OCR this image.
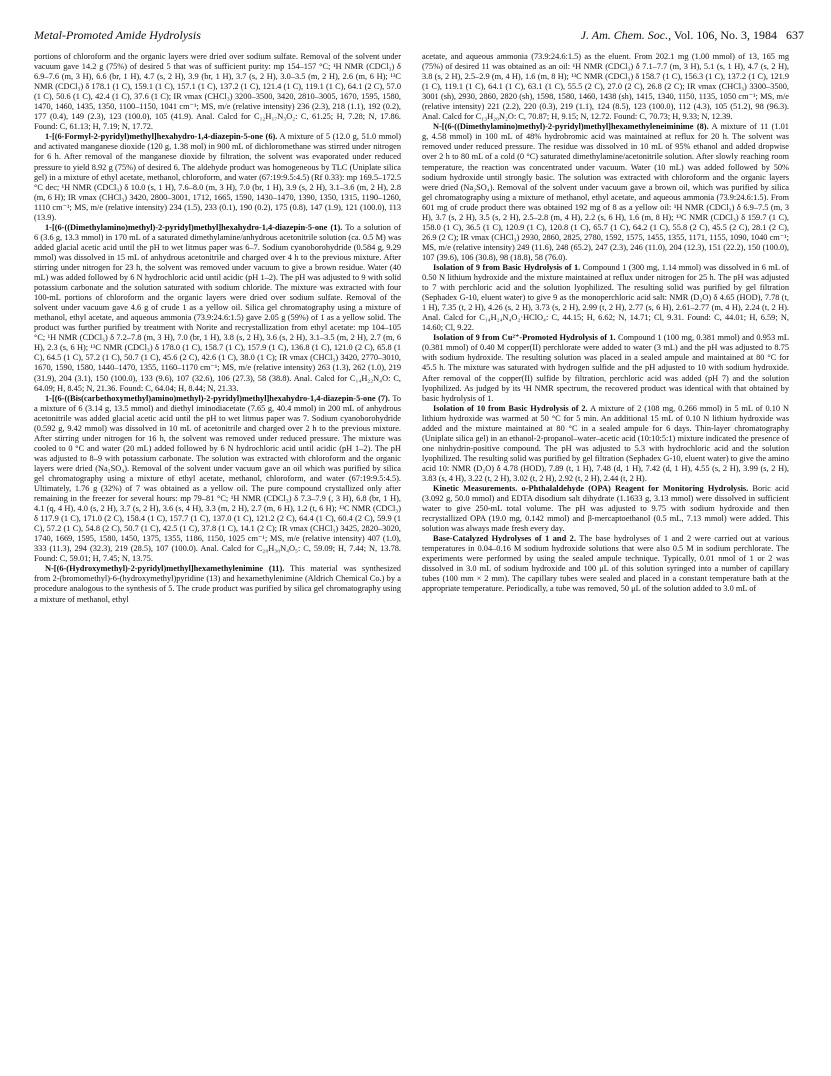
Metal-Promoted Amide Hydrolysis	J. Am. Chem. Soc., Vol. 106, No. 3, 1984 637

portions of chloroform and the organic layers were dried over sodium sulfate. Removal of the solvent under vacuum gave 14.2 g (75%) of desired 5 that was of sufficient purity: mp 154–157 °C; ¹H NMR (CDCl₃) δ 6.9–7.6 (m, 3 H), 6.6 (br, 1 H), 4.7 (s, 2 H), 3.9 (br, 1 H), 3.7 (s, 2 H), 3.0–3.5 (m, 2 H), 2.6 (m, 6 H); ¹³C NMR (CDCl₃) δ 178.1 (1 C), 159.1 (1 C), 157.1 (1 C), 137.2 (1 C), 121.4 (1 C), 119.1 (1 C), 64.1 (2 C), 57.0 (1 C), 50.6 (1 C), 42.4 (1 C), 37.6 (1 C); IR νmax (CHCl₃) 3200–3500, 3420, 2810–3005, 1670, 1595, 1580, 1470, 1460, 1435, 1350, 1100–1150, 1041 cm⁻¹; MS, m/e (relative intensity) 236 (2.3), 218 (1.1), 192 (0.2), 177 (0.4), 149 (2.3), 123 (100.0), 105 (41.9). Anal. Calcd for C₁₂H₁₇N₃O₂: C, 61.25; H, 7.28; N, 17.86. Found: C, 61.13; H, 7.19; N, 17.72.

1-[(6-Formyl-2-pyridyl)methyl]hexahydro-1,4-diazepin-5-one (6). A mixture of 5 (12.0 g, 51.0 mmol) and activated manganese dioxide (120 g, 1.38 mol) in 900 mL of dichloromethane was stirred under nitrogen for 6 h. After removal of the manganese dioxide by filtration, the solvent was evaporated under reduced pressure to yield 8.92 g (75%) of desired 6. The aldehyde product was homogeneous by TLC (Uniplate silica gel) in a mixture of ethyl acetate, methanol, chloroform, and water (67:19:9.5:4.5) (Rf 0.33): mp 169.5–172.5 °C dec; ¹H NMR (CDCl₃) δ 10.0 (s, 1 H), 7.6–8.0 (m, 3 H), 7.0 (br, 1 H), 3.9 (s, 2 H), 3.1–3.6 (m, 2 H), 2.8 (m, 6 H); IR νmax (CHCl₃) 3420, 2800–3001, 1712, 1665, 1590, 1430–1470, 1390, 1350, 1315, 1190–1260, 1110 cm⁻¹; MS, m/e (relative intensity) 234 (1.5), 233 (0.1), 190 (0.2), 175 (0.8), 147 (1.9), 121 (100.0), 113 (13.9).

1-[(6-((Dimethylamino)methyl)-2-pyridyl)methyl]hexahydro-1,4-diazepin-5-one (1). To a solution of 6 (3.6 g, 13.3 mmol) in 170 mL of a saturated dimethylamine/anhydrous acetonitrile solution (ca. 0.5 M) was added glacial acetic acid until the pH to wet litmus paper was 6–7. Sodium cyanoborohydride (0.584 g, 9.29 mmol) was dissolved in 15 mL of anhydrous acetonitrile and charged over 4 h to the previous mixture. After stirring under nitrogen for 23 h, the solvent was removed under vacuum to give a brown residue. Water (40 mL) was added followed by 6 N hydrochloric acid until acidic (pH 1–2). The pH was adjusted to 9 with solid potassium carbonate and the solution saturated with sodium chloride. The mixture was extracted with four 100-mL portions of chloroform and the organic layers were dried over sodium sulfate. Removal of the solvent under vacuum gave 4.6 g of crude 1 as a yellow oil. Silica gel chromatography using a mixture of methanol, ethyl acetate, and aqueous ammonia (73.9:24.6:1.5) gave 2.05 g (59%) of 1 as a yellow solid. The product was further purified by treatment with Norite and recrystallization from ethyl acetate: mp 104–105 °C; ¹H NMR (CDCl₃) δ 7.2–7.8 (m, 3 H), 7.0 (br, 1 H), 3.8 (s, 2 H), 3.6 (s, 2 H), 3.1–3.5 (m, 2 H), 2.7 (m, 6 H), 2.3 (s, 6 H); ¹³C NMR (CDCl₃) δ 178.0 (1 C), 158.7 (1 C), 157.9 (1 C), 136.8 (1 C), 121.0 (2 C), 65.8 (1 C), 64.5 (1 C), 57.2 (1 C), 50.7 (1 C), 45.6 (2 C), 42.6 (1 C), 38.0 (1 C); IR νmax (CHCl₃) 3420, 2770–3010, 1670, 1590, 1580, 1440–1470, 1355, 1160–1170 cm⁻¹; MS, m/e (relative intensity) 263 (1.3), 262 (1.0), 219 (31.9), 204 (3.1), 150 (100.0), 133 (9.6), 107 (32.6), 106 (27.3), 58 (38.8). Anal. Calcd for C₁₄H₂₂N₄O: C, 64.09; H, 8.45; N, 21.36. Found: C, 64.04; H, 8.44; N, 21.33.

1-[(6-((Bis(carbethoxymethyl)amino)methyl)-2-pyridyl)methyl]hexahydro-1,4-diazepin-5-one (7). To a mixture of 6 (3.14 g, 13.5 mmol) and diethyl iminodiacetate (7.65 g, 40.4 mmol) in 200 mL of anhydrous acetonitrile was added glacial acetic acid until the pH to wet litmus paper was 7. Sodium cyanoborohydride (0.592 g, 9.42 mmol) was dissolved in 10 mL of acetonitrile and charged over 2 h to the previous mixture. After stirring under nitrogen for 16 h, the solvent was removed under reduced pressure. The mixture was cooled to 0 °C and water (20 mL) added followed by 6 N hydrochloric acid until acidic (pH 1–2). The pH was adjusted to 8–9 with potassium carbonate. The solution was extracted with chloroform and the organic layers were dried (Na₂SO₄). Removal of the solvent under vacuum gave an oil which was purified by silica gel chromatography using a mixture of ethyl acetate, methanol, chloroform, and water (67:19:9.5:4.5). Ultimately, 1.76 g (32%) of 7 was obtained as a yellow oil. The pure compound crystallized only after remaining in the freezer for several hours: mp 79–81 °C; ¹H NMR (CDCl₃) δ 7.3–7.9 (, 3 H), 6.8 (br, 1 H), 4.1 (q, 4 H), 4.0 (s, 2 H), 3.7 (s, 2 H), 3.6 (s, 4 H), 3.3 (m, 2 H), 2.7 (m, 6 H), 1.2 (t, 6 H); ¹³C NMR (CDCl₃) δ 117.9 (1 C), 171.0 (2 C), 158.4 (1 C), 157.7 (1 C), 137.0 (1 C), 121.2 (2 C), 64.4 (1 C), 60.4 (2 C), 59.9 (1 C), 57.2 (1 C), 54.8 (2 C), 50.7 (1 C), 42.5 (1 C), 37.8 (1 C), 14.1 (2 C); IR νmax (CHCl₃) 3425, 2820–3020, 1740, 1669, 1595, 1580, 1450, 1375, 1355, 1186, 1150, 1025 cm⁻¹; MS, m/e (relative intensity) 407 (1.0), 333 (11.3), 294 (32.3), 219 (28.5), 107 (100.0). Anal. Calcd for C₂₀H₃₀N₄O₅: C, 59.09; H, 7.44; N, 13.78. Found: C, 59.01; H, 7.45; N, 13.75.

N-[(6-(Hydroxymethyl)-2-pyridyl)methyl]hexamethylenimine (11). This material was synthesized from 2-(bromomethyl)-6-(hydroxymethyl)pyridine (13) and hexamethylenimine (Aldrich Chemical Co.) by a procedure analogous to the synthesis of 5. The crude product was purified by silica gel chromatography using a mixture of methanol, ethyl

acetate, and aqueous ammonia (73.9:24.6:1.5) as the eluent. From 202.1 mg (1.00 mmol) of 13, 165 mg (75%) of desired 11 was obtained as an oil: ¹H NMR (CDCl₃) δ 7.1–7.7 (m, 3 H), 5.1 (s, 1 H), 4.7 (s, 2 H), 3.8 (s, 2 H), 2.5–2.9 (m, 4 H), 1.6 (m, 8 H); ¹³C NMR (CDCl₃) δ 158.7 (1 C), 156.3 (1 C), 137.2 (1 C), 121.9 (1 C), 119.1 (1 C), 64.1 (1 C), 63.1 (1 C), 55.5 (2 C), 27.0 (2 C), 26.8 (2 C); IR νmax (CHCl₃) 3300–3500, 3001 (sh), 2930, 2860, 2820 (sh), 1598, 1580, 1460, 1438 (sh), 1415, 1340, 1150, 1135, 1050 cm⁻¹; MS, m/e (relative intensity) 221 (2.2), 220 (0.3), 219 (1.1), 124 (8.5), 123 (100.0), 112 (4.3), 105 (51.2), 98 (96.3). Anal. Calcd for C₁₃H₂₀N₂O: C, 70.87; H, 9.15; N, 12.72. Found: C, 70.73; H, 9.33; N, 12.39.

N-[(6-((Dimethylamino)methyl)-2-pyridyl)methyl]hexamethyleneiminime (8). A mixture of 11 (1.01 g, 4.58 mmol) in 100 mL of 48% hydrobromic acid was maintained at reflux for 20 h. The solvent was removed under reduced pressure. The residue was dissolved in 10 mL of 95% ethanol and added dropwise over 2 h to 80 mL of a cold (0 °C) saturated dimethylamine/acetonitrile solution. After slowly reaching room temperature, the reaction was concentrated under vacuum. Water (10 mL) was added followed by 50% sodium hydroxide until strongly basic. The solution was extracted with chloroform and the organic layers were dried (Na₂SO₄). Removal of the solvent under vacuum gave a brown oil, which was purified by silica gel chromatography using a mixture of methanol, ethyl acetate, and aqueous ammonia (73.9:24.6:1.5). From 601 mg of crude product there was obtained 192 mg of 8 as a yellow oil: ¹H NMR (CDCl₃) δ 6.9–7.5 (m, 3 H), 3.7 (s, 2 H), 3.5 (s, 2 H), 2.5–2.8 (m, 4 H), 2.2 (s, 6 H), 1.6 (m, 8 H); ¹³C NMR (CDCl₃) δ 159.7 (1 C), 158.0 (1 C), 36.5 (1 C), 120.9 (1 C), 120.8 (1 C), 65.7 (1 C), 64.2 (1 C), 55.8 (2 C), 45.5 (2 C), 28.1 (2 C), 26.9 (2 C); IR νmax (CHCl₃) 2930, 2860, 2825, 2780, 1592, 1575, 1455, 1355, 1171, 1155, 1090, 1040 cm⁻¹; MS, m/e (relative intensity) 249 (11.6), 248 (65.2), 247 (2.3), 246 (11.0), 204 (12.3), 151 (22.2), 150 (100.0), 107 (39.6), 106 (30.8), 98 (18.8), 58 (76.0).

Isolation of 9 from Basic Hydrolysis of 1. Compound 1 (300 mg, 1.14 mmol) was dissolved in 6 mL of 0.50 N lithium hydroxide and the mixture maintained at reflux under nitrogen for 25 h. The pH was adjusted to 7 with perchloric acid and the solution lyophilized. The resulting solid was purified by gel filtration (Sephadex G-10, eluent water) to give 9 as the monoperchloric acid salt: NMR (D₂O) δ 4.65 (HOD), 7.78 (t, 1 H), 7.35 (t, 2 H), 4.26 (s, 2 H), 3.73 (s, 2 H), 2.99 (t, 2 H), 2.77 (s, 6 H), 2.61–2.77 (m, 4 H), 2.24 (t, 2 H). Anal. Calcd for C₁₄H₂₄N₄O₂·HClO₄: C, 44.15; H, 6.62; N, 14.71; Cl, 9.31. Found: C, 44.01; H, 6.59; N, 14.60; Cl, 9.22.

Isolation of 9 from Cu²⁺-Promoted Hydrolysis of 1. Compound 1 (100 mg, 0.381 mmol) and 0.953 mL (0.381 mmol) of 0.40 M copper(II) perchlorate were added to water (3 mL) and the pH was adjusted to 8.75 with sodium hydroxide. The resulting solution was placed in a sealed ampule and maintained at 80 °C for 45.5 h. The mixture was saturated with hydrogen sulfide and the pH adjusted to 10 with sodium hydroxide. After removal of the copper(II) sulfide by filtration, perchloric acid was added (pH 7) and the solution lyophilized. As judged by its ¹H NMR spectrum, the recovered product was identical with that obtained by basic hydrolysis of 1.

Isolation of 10 from Basic Hydrolysis of 2. A mixture of 2 (108 mg, 0.266 mmol) in 5 mL of 0.10 N lithium hydroxide was warmed at 50 °C for 5 min. An additional 15 mL of 0.10 N lithium hydroxide was added and the mixture maintained at 80 °C in a sealed ampule for 6 days. Thin-layer chromatography (Uniplate silica gel) in an ethanol-2-propanol–water–acetic acid (10:10:5:1) mixture indicated the presence of one ninhydrin-positive compound. The pH was adjusted to 5.3 with hydrochloric acid and the solution lyophilized. The resulting solid was purified by gel filtration (Sephadex G-10, eluent water) to give the amino acid 10: NMR (D₂O) δ 4.78 (HOD), 7.89 (t, 1 H), 7.48 (d, 1 H), 7.42 (d, 1 H), 4.55 (s, 2 H), 3.99 (s, 2 H), 3.83 (s, 4 H), 3.22 (t, 2 H), 3.02 (t, 2 H), 2.92 (t, 2 H), 2.44 (t, 2 H).

Kinetic Measurements. o-Phthalaldehyde (OPA) Reagent for Monitoring Hydrolysis. Boric acid (3.092 g, 50.0 mmol) and EDTA disodium salt dihydrate (1.1633 g, 3.13 mmol) were dissolved in sufficient water to give 250-mL total volume. The pH was adjusted to 9.75 with sodium hydroxide and then recrystallized OPA (19.0 mg, 0.142 mmol) and β-mercaptoethanol (0.5 mL, 7.13 mmol) were added. This solution was always made fresh every day.

Base-Catalyzed Hydrolyses of 1 and 2. The base hydrolyses of 1 and 2 were carried out at various temperatures in 0.04–0.16 M sodium hydroxide solutions that were also 0.5 M in sodium perchlorate. The experiments were performed by using the sealed ampule technique. Typically, 0.01 nmol of 1 or 2 was dissolved in 3.0 mL of sodium hydroxide and 100 μL of this solution syringed into a number of capillary tubes (100 mm × 2 mm). The capillary tubes were sealed and placed in a constant temperature bath at the appropriate temperature. Periodically, a tube was removed, 50 μL of the solution added to 3.0 mL of
